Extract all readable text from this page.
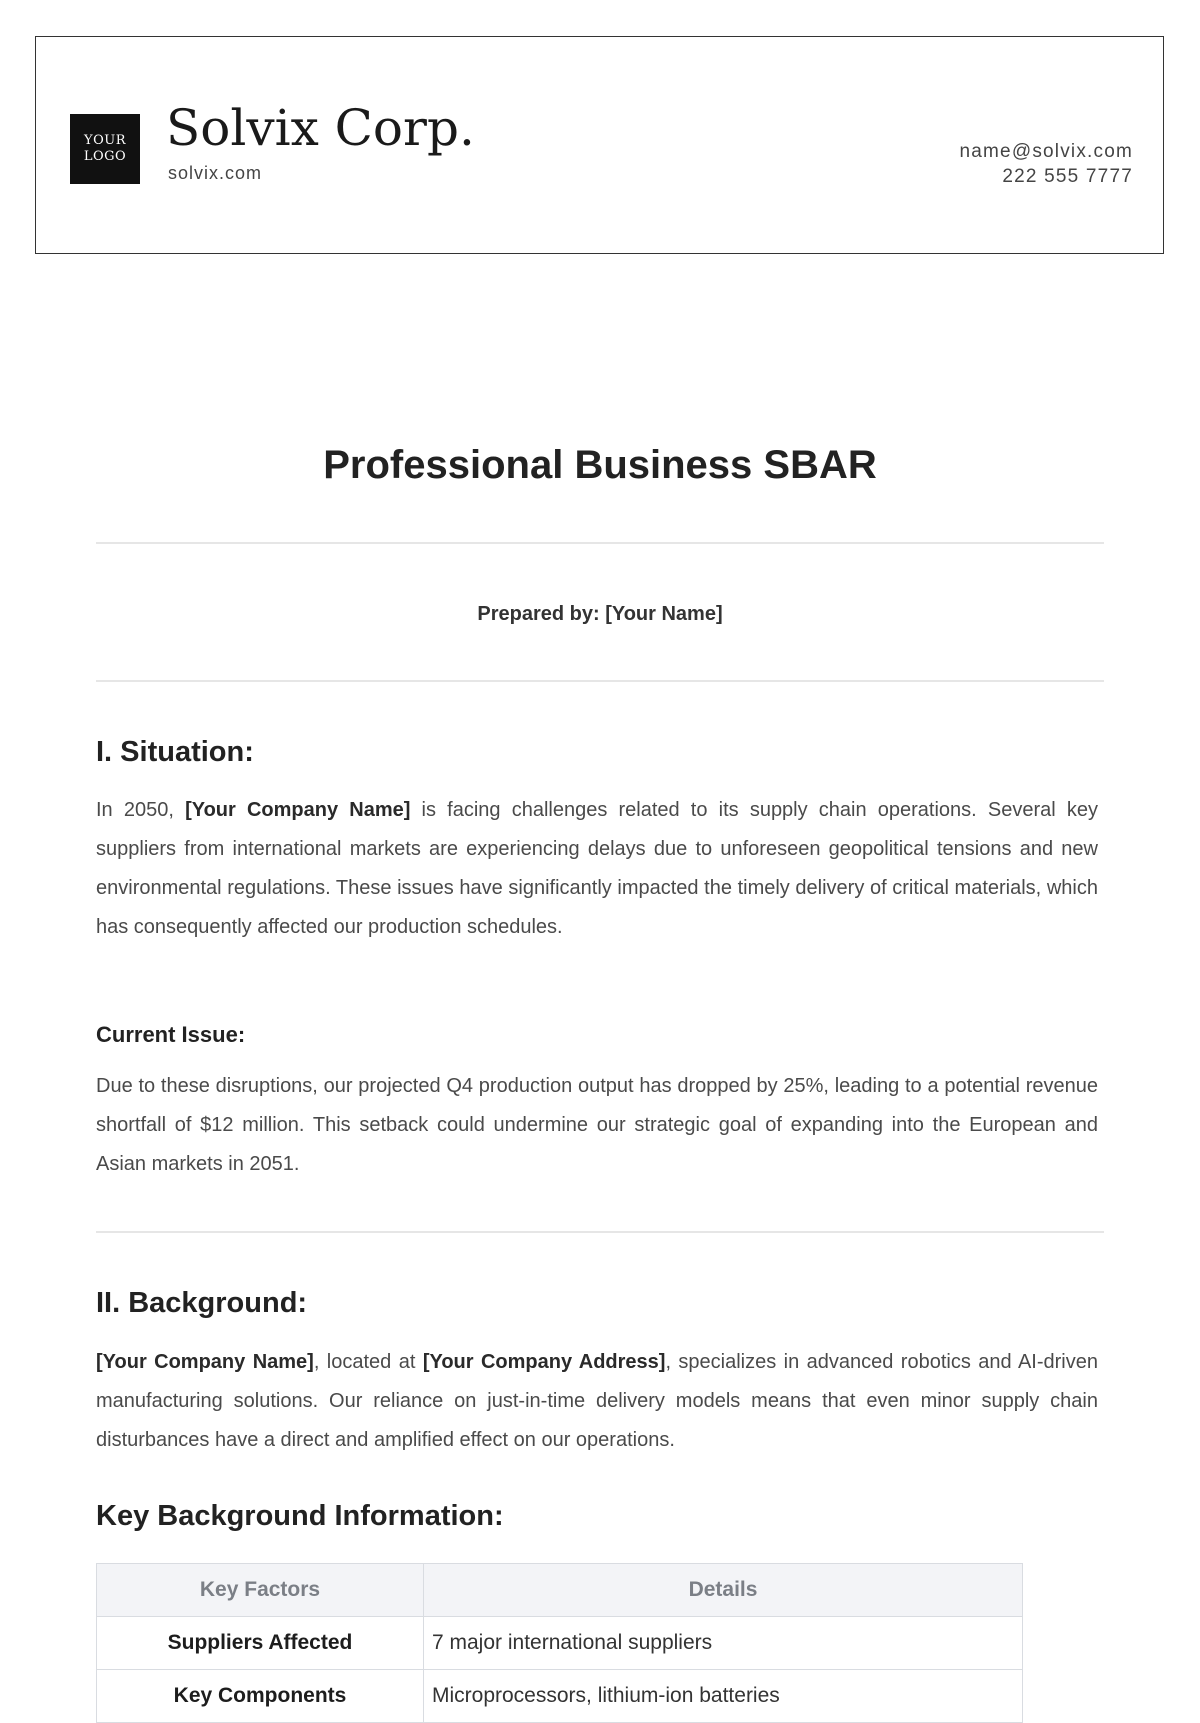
YOUR
LOGO Solvix Corp.
solvix.com
name@solvix.com
222 555 7777
Professional Business SBAR
Prepared by: [Your Name]
I. Situation:

In 2050, [Your Company Name] is facing challenges related to its supply chain operations. Several key suppliers from international markets are experiencing delays due to unforeseen geopolitical tensions and new environmental regulations. These issues have significantly impacted the timely delivery of critical materials, which has consequently affected our production schedules.

Current Issue:

Due to these disruptions, our projected Q4 production output has dropped by 25%, leading to a potential revenue shortfall of $12 million. This setback could undermine our strategic goal of expanding into the European and Asian markets in 2051.

II. Background:

[Your Company Name], located at [Your Company Address], specializes in advanced robotics and AI-driven manufacturing solutions. Our reliance on just-in-time delivery models means that even minor supply chain disturbances have a direct and amplified effect on our operations.

Key Background Information:
Key Factors	Details
Suppliers Affected	7 major international suppliers
Key Components	Microprocessors, lithium-ion batteries
